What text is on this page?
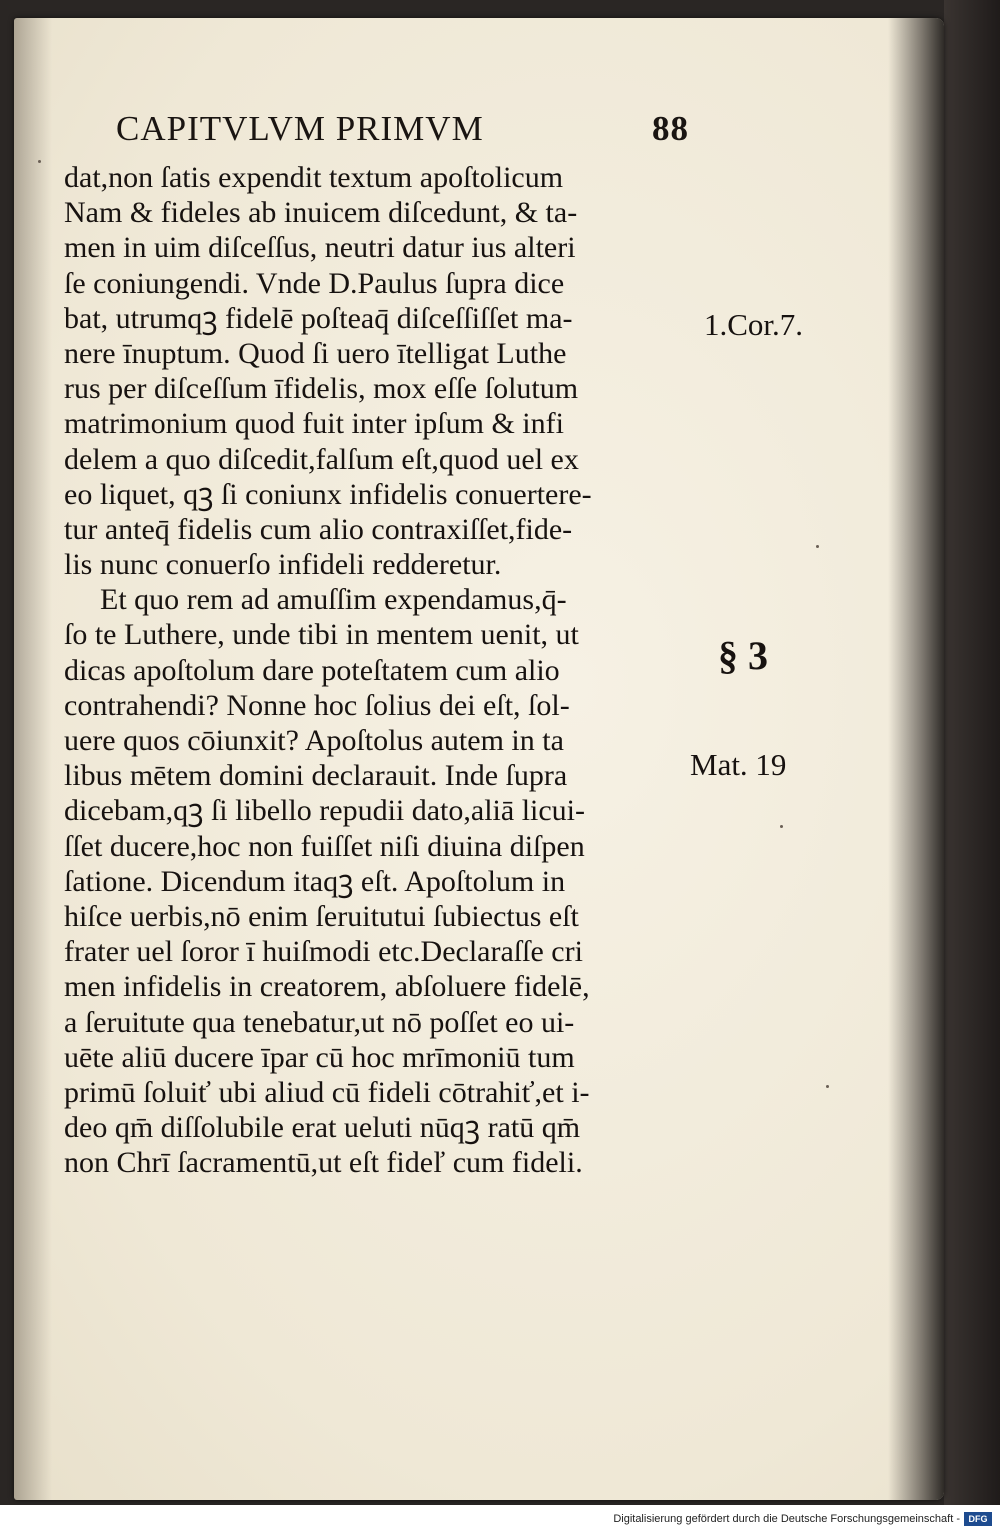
CAPITVLVM PRIMVM	88
dat,non ſatis expendit textum apoſtolicum
Nam & fideles ab inuicem diſcedunt, & ta-
men in uim diſceſſus, neutri datur ius alteri
ſe coniungendi. Vnde D.Paulus ſupra dice
bat, utrumqꝫ fidelē poſteaq̄ diſceſſiſſet ma-
nere īnuptum. Quod ſi uero ītelligat Luthe
rus per diſceſſum īfidelis, mox eſſe ſolutum
matrimonium quod fuit inter ipſum & infi
delem a quo diſcedit,falſum eſt,quod uel ex
eo liquet, qꝫ ſi coniunx infidelis conuertere-
tur anteq̄ fidelis cum alio contraxiſſet,fide-
lis nunc conuerſo infideli redderetur.
Et quo rem ad amuſſim expendamus,q̄-
ſo te Luthere, unde tibi in mentem uenit, ut
dicas apoſtolum dare poteſtatem cum alio
contrahendi? Nonne hoc ſolius dei eſt, ſol-
uere quos cōiunxit? Apoſtolus autem in ta
libus mētem domini declarauit. Inde ſupra
dicebam,qꝫ ſi libello repudii dato,aliā licui-
ſſet ducere,hoc non fuiſſet niſi diuina diſpen
ſatione. Dicendum itaqꝫ eſt. Apoſtolum in
hiſce uerbis,nō enim ſeruitutui ſubiectus eſt
frater uel ſoror ī huiſmodi etc.Declaraſſe cri
men infidelis in creatorem, abſoluere fidelē,
a ſeruitute qua tenebatur,ut nō poſſet eo ui-
uēte aliū ducere īpar cū hoc mrīmoniū tum
primū ſoluiť ubi aliud cū fideli cōtrahiť,et i-
deo qm̄ diſſolubile erat ueluti nūqꝫ ratū qm̄
non Chrī ſacramentū,ut eſt fideľ cum fideli.
1.Cor.7.
§ 3
Mat. 19
Digitalisierung gefördert durch die Deutsche Forschungsgemeinschaft - DFG
